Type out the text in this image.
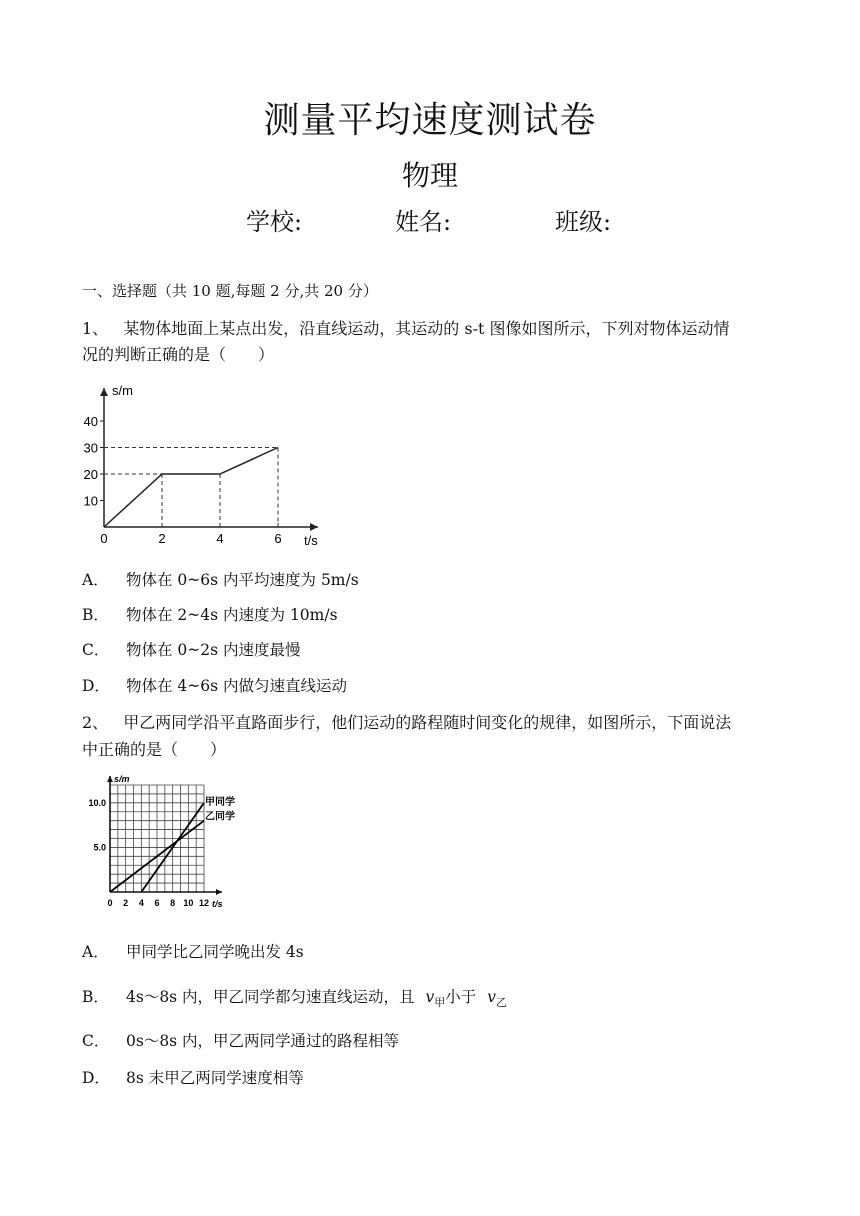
测量平均速度测试卷
物理
学校:	姓名:	班级:
一、选择题（共 10 题,每题 2 分,共 20 分）
1、 某物体地面上某点出发，沿直线运动，其运动的 s-t 图像如图所示，下列对物体运动情
况的判断正确的是（　　）
s/m
t/s
10
20
30
40
0	2	4	6
A． 物体在 0~6s 内平均速度为 5m/s
B． 物体在 2~4s 内速度为 10m/s
C． 物体在 0~2s 内速度最慢
D． 物体在 4~6s 内做匀速直线运动
2、 甲乙两同学沿平直路面步行，他们运动的路程随时间变化的规律，如图所示，下面说法
中正确的是（　　）
s/m
t/s
5.0
10.0
0 2 4 6 8 10 12
甲同学
乙同学
A． 甲同学比乙同学晚出发 4s
B． 4s～8s 内，甲乙同学都匀速直线运动，且 $v_甲$小于 $v_乙$
C． 0s～8s 内，甲乙两同学通过的路程相等
D． 8s 末甲乙两同学速度相等
